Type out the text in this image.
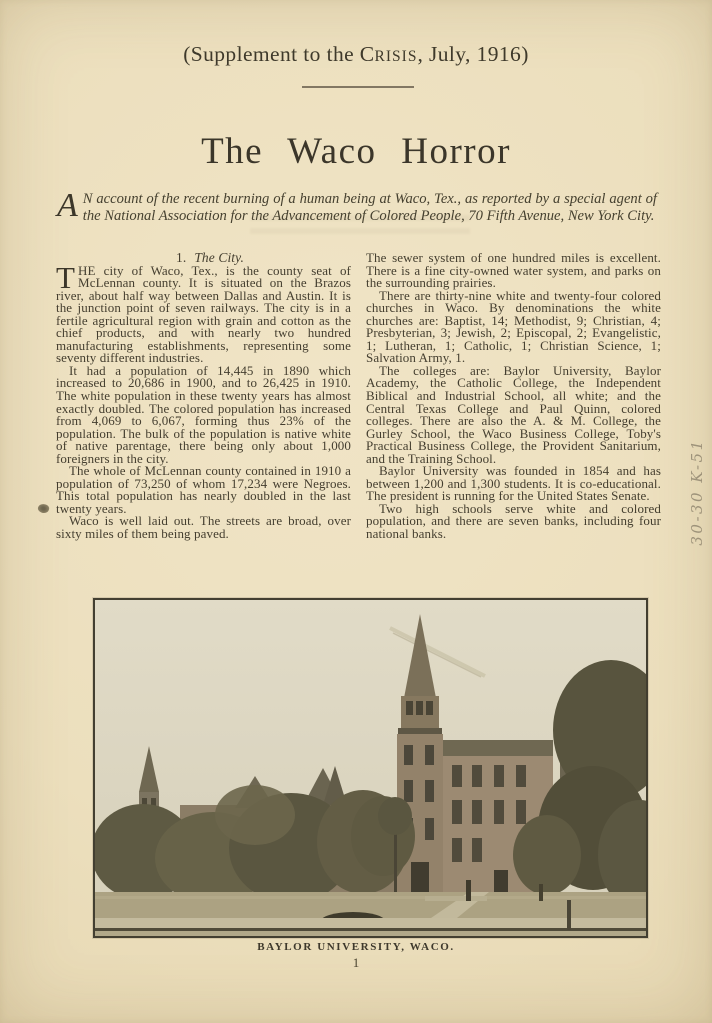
(Supplement to the CRISIS, July, 1916)
The Waco Horror
A N account of the recent burning of a human being at Waco, Tex., as reported by a special agent of the National Association for the Advancement of Colored People, 70 Fifth Avenue, New York City.

1. The City.

THE city of Waco, Tex., is the county seat of McLennan county. It is situated on the Brazos river, about half way between Dallas and Austin. It is the junction point of seven railways. The city is in a fertile agricultural region with grain and cotton as the chief products, and with nearly two hundred manufacturing establishments, representing some seventy different industries.

It had a population of 14,445 in 1890 which increased to 20,686 in 1900, and to 26,425 in 1910. The white population in these twenty years has almost exactly doubled. The colored population has increased from 4,069 to 6,067, forming thus 23% of the population. The bulk of the population is native white of native parentage, there being only about 1,000 foreigners in the city.

The whole of McLennan county contained in 1910 a population of 73,250 of whom 17,234 were Negroes. This total population has nearly doubled in the last twenty years.

Waco is well laid out. The streets are broad, over sixty miles of them being paved.

The sewer system of one hundred miles is excellent. There is a fine city-owned water system, and parks on the surrounding prairies.

There are thirty-nine white and twenty-four colored churches in Waco. By denominations the white churches are: Baptist, 14; Methodist, 9; Christian, 4; Presbyterian, 3; Jewish, 2; Episcopal, 2; Evangelistic, 1; Lutheran, 1; Catholic, 1; Christian Science, 1; Salvation Army, 1.

The colleges are: Baylor University, Baylor Academy, the Catholic College, the Independent Biblical and Industrial School, all white; and the Central Texas College and Paul Quinn, colored colleges. There are also the A. & M. College, the Gurley School, the Waco Business College, Toby's Practical Business College, the Provident Sanitarium, and the Training School.

Baylor University was founded in 1854 and has between 1,200 and 1,300 students. It is co-educational. The president is running for the United States Senate.

Two high schools serve white and colored population, and there are seven banks, including four national banks.

BAYLOR UNIVERSITY, WACO.
1
30-30 K-51
